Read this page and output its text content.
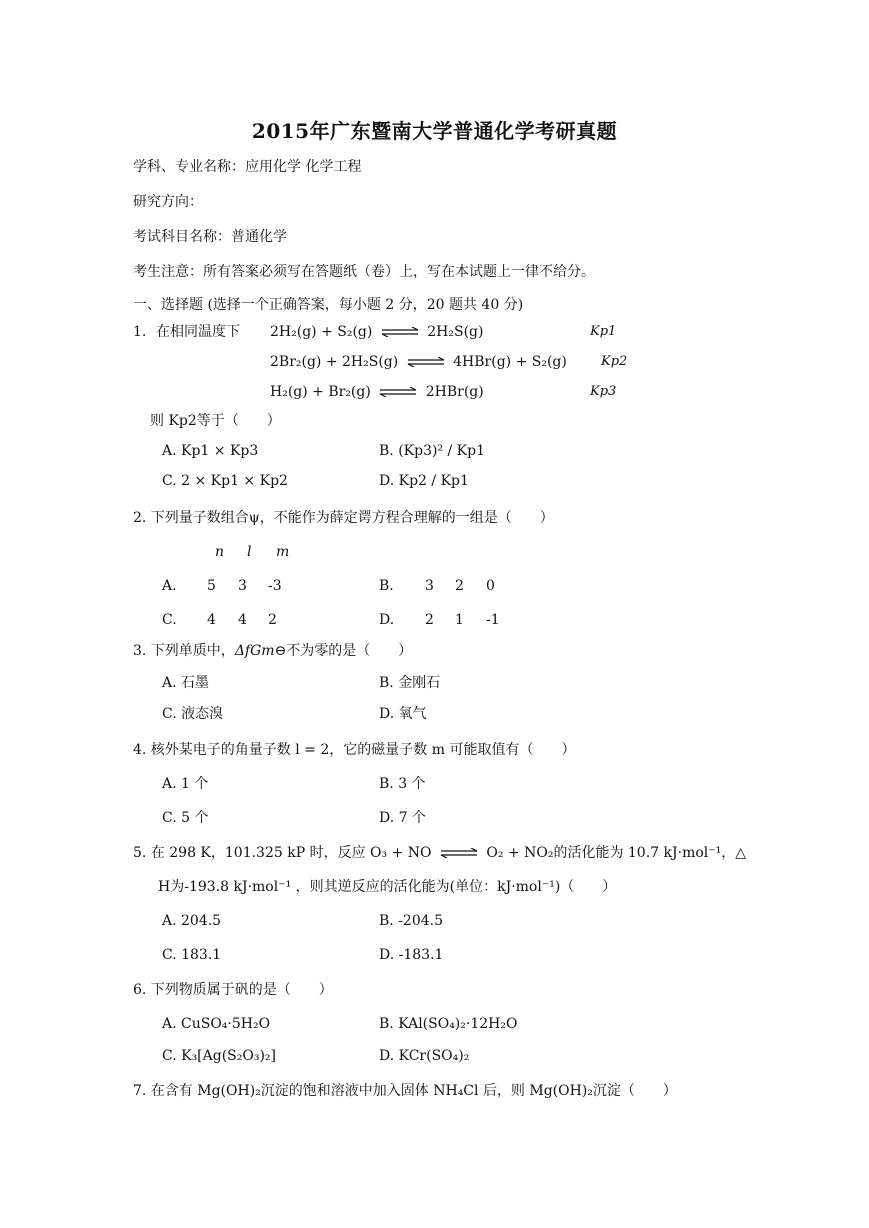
2015年广东暨南大学普通化学考研真题
学科、专业名称：应用化学 化学工程
研究方向：
考试科目名称：普通化学
考生注意：所有答案必须写在答题纸（卷）上，写在本试题上一律不给分。
一、选择题 (选择一个正确答案，每小题 2 分，20 题共 40 分)
1. 在相同温度下 2H₂(g) + S₂(g) ⇌ 2H₂S(g)	Kp1
2Br₂(g) + 2H₂S(g) ⇌ 4HBr(g) + S₂(g)	Kp2
H₂(g) + Br₂(g) ⇌ 2HBr(g)	Kp3
则 Kp2等于（　　）
A. Kp1 × Kp3	B. (Kp3)² / Kp1
C. 2 × Kp1 × Kp2	D. Kp2 / Kp1
2. 下列量子数组合ψ，不能作为薛定谔方程合理解的一组是（　　）
n l m
A. 5 3 -3	B. 3 2 0
C. 4 4 2	D. 2 1 -1
3. 下列单质中，ΔfGm⊖不为零的是（　　）
A. 石墨	B. 金刚石
C. 液态溴	D. 氧气
4. 核外某电子的角量子数 l = 2，它的磁量子数 m 可能取值有（　　）
A. 1 个	B. 3 个
C. 5 个	D. 7 个
5. 在 298 K，101.325 kP 时，反应 O₃ + NO ⇌ O₂ + NO₂的活化能为 10.7 kJ·mol⁻¹，△
H为-193.8 kJ·mol⁻¹ ，则其逆反应的活化能为(单位：kJ·mol⁻¹)（　　）
A. 204.5	B. -204.5
C. 183.1	D. -183.1
6. 下列物质属于矾的是（　　）
A. CuSO₄·5H₂O	B. KAl(SO₄)₂·12H₂O
C. K₃[Ag(S₂O₃)₂]	D. KCr(SO₄)₂
7. 在含有 Mg(OH)₂沉淀的饱和溶液中加入固体 NH₄Cl 后，则 Mg(OH)₂沉淀（　　）
